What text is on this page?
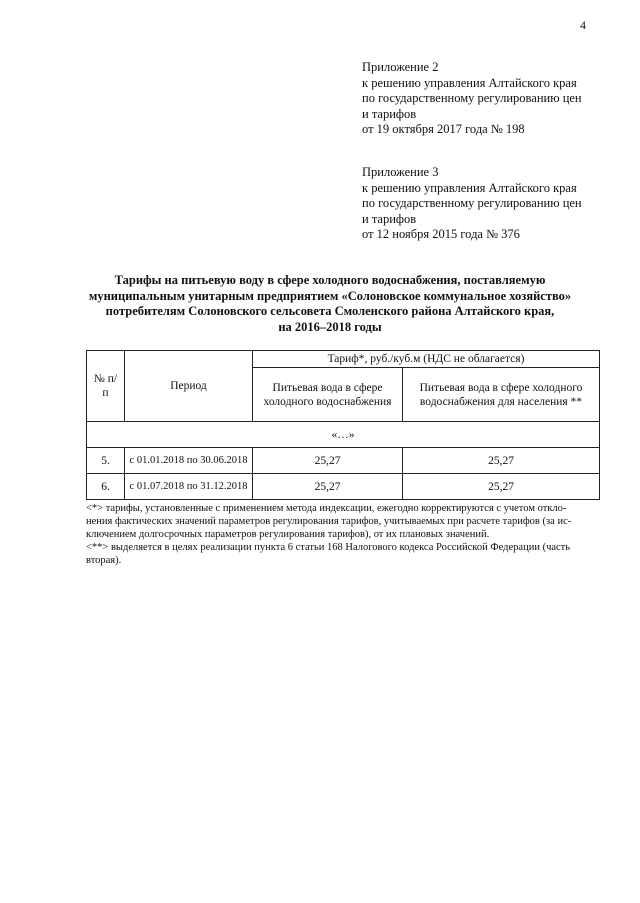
4
Приложение 2
к решению управления Алтайского края
по государственному регулированию цен
и тарифов
от 19 октября 2017 года № 198
Приложение 3
к решению управления Алтайского края
по государственному регулированию цен
и тарифов
от 12 ноября 2015 года № 376
Тарифы на питьевую воду в сфере холодного водоснабжения, поставляемую
муниципальным унитарным предприятием «Солоновское коммунальное хозяйство»
потребителям Солоновского сельсовета Смоленского района Алтайского края,
на 2016–2018 годы
№ п/п	Период	Тариф*, руб./куб.м (НДС не облагается)	
		Питьевая вода в сфере холодного водоснабжения	Питьевая вода в сфере холодного водоснабжения для населения **
«…»			
5.	с 01.01.2018 по 30.06.2018	25,27	25,27
6.	с 01.07.2018 по 31.12.2018	25,27	25,27
<*> тарифы, установленные с применением метода индексации, ежегодно корректируются с учетом откло-
нения фактических значений параметров регулирования тарифов, учитываемых при расчете тарифов (за ис-
ключением долгосрочных параметров регулирования тарифов), от их плановых значений.
<**> выделяется в целях реализации пункта 6 статьи 168 Налогового кодекса Российской Федерации (часть
вторая).
